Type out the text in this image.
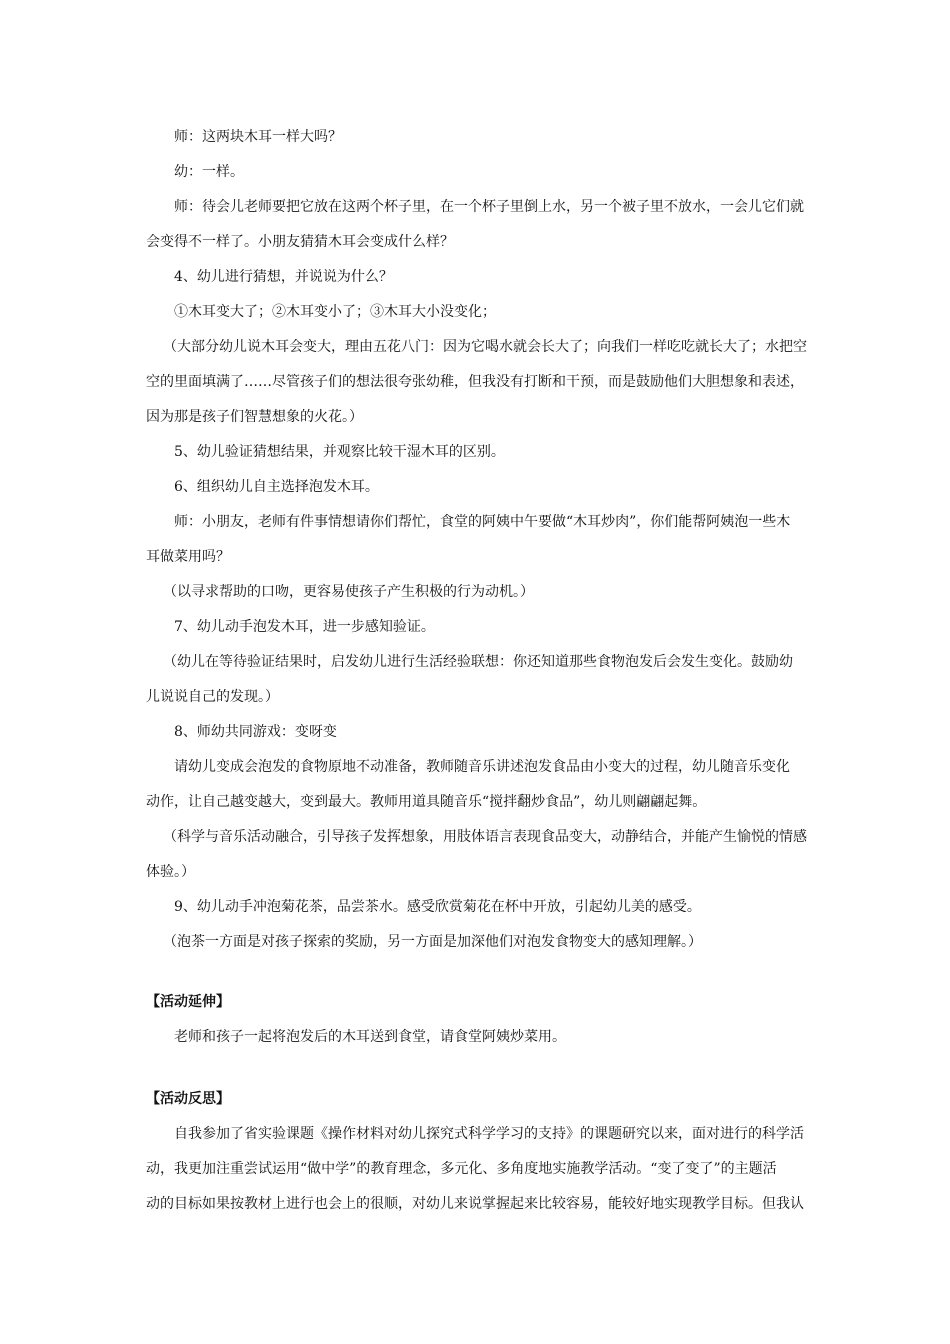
师：这两块木耳一样大吗？
幼：一样。
师：待会儿老师要把它放在这两个杯子里，在一个杯子里倒上水，另一个被子里不放水，一会儿它们就
会变得不一样了。小朋友猜猜木耳会变成什么样？
4、幼儿进行猜想，并说说为什么？
①木耳变大了；②木耳变小了；③木耳大小没变化；
（大部分幼儿说木耳会变大，理由五花八门：因为它喝水就会长大了；向我们一样吃吃就长大了；水把空
空的里面填满了……尽管孩子们的想法很夸张幼稚，但我没有打断和干预，而是鼓励他们大胆想象和表述，
因为那是孩子们智慧想象的火花。）
5、幼儿验证猜想结果，并观察比较干湿木耳的区别。
6、组织幼儿自主选择泡发木耳。
师：小朋友，老师有件事情想请你们帮忙，食堂的阿姨中午要做“木耳炒肉”，你们能帮阿姨泡一些木
耳做菜用吗？
（以寻求帮助的口吻，更容易使孩子产生积极的行为动机。）
7、幼儿动手泡发木耳，进一步感知验证。
（幼儿在等待验证结果时，启发幼儿进行生活经验联想：你还知道那些食物泡发后会发生变化。鼓励幼
儿说说自己的发现。）
8、师幼共同游戏：变呀变
请幼儿变成会泡发的食物原地不动准备，教师随音乐讲述泡发食品由小变大的过程，幼儿随音乐变化
动作，让自己越变越大，变到最大。教师用道具随音乐“搅拌翻炒食品”，幼儿则翩翩起舞。
（科学与音乐活动融合，引导孩子发挥想象，用肢体语言表现食品变大，动静结合，并能产生愉悦的情感
体验。）
9、幼儿动手冲泡菊花茶，品尝茶水。感受欣赏菊花在杯中开放，引起幼儿美的感受。
（泡茶一方面是对孩子探索的奖励，另一方面是加深他们对泡发食物变大的感知理解。）
【活动延伸】
老师和孩子一起将泡发后的木耳送到食堂，请食堂阿姨炒菜用。
【活动反思】
自我参加了省实验课题《操作材料对幼儿探究式科学学习的支持》的课题研究以来，面对进行的科学活
动，我更加注重尝试运用“做中学”的教育理念，多元化、多角度地实施教学活动。“变了变了”的主题活
动的目标如果按教材上进行也会上的很顺，对幼儿来说掌握起来比较容易，能较好地实现教学目标。但我认
